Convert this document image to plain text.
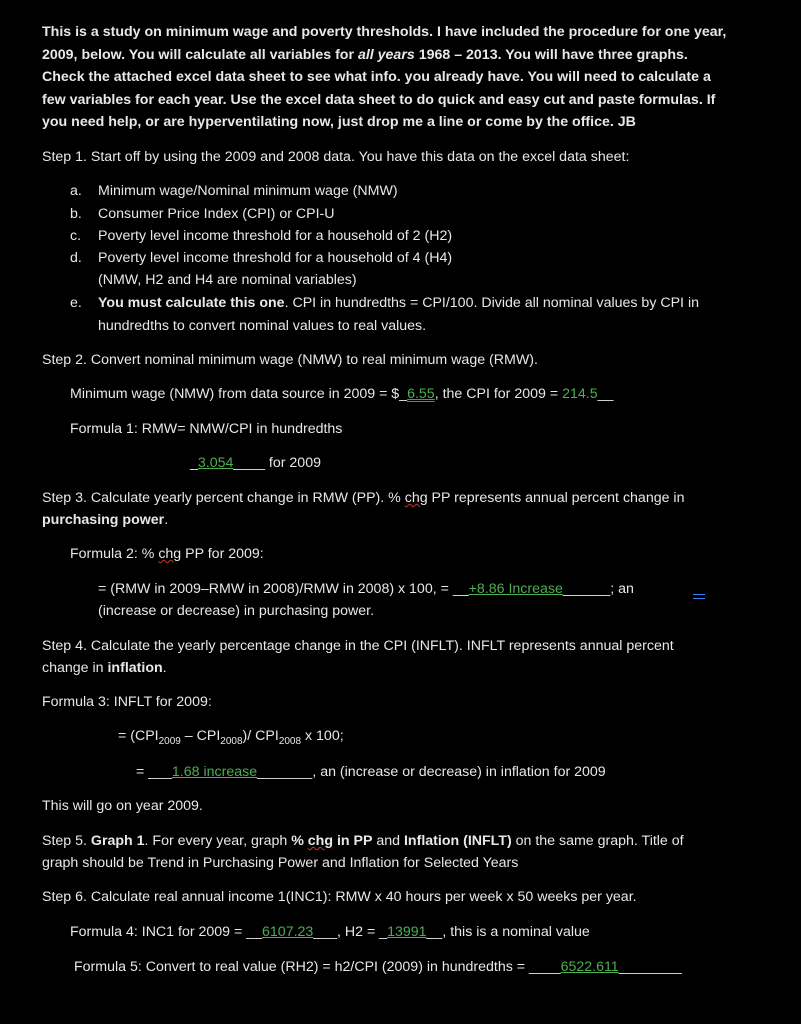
This is a study on minimum wage and poverty thresholds. I have included the procedure for one year,
2009, below. You will calculate all variables for all years 1968 – 2013. You will have three graphs.
Check the attached excel data sheet to see what info. you already have. You will need to calculate a
few variables for each year. Use the excel data sheet to do quick and easy cut and paste formulas. If
you need help, or are hyperventilating now, just drop me a line or come by the office. JB
Step 1. Start off by using the 2009 and 2008 data. You have this data on the excel data sheet:
a. Minimum wage/Nominal minimum wage (NMW)
b. Consumer Price Index (CPI) or CPI-U
c. Poverty level income threshold for a household of 2 (H2)
d. Poverty level income threshold for a household of 4 (H4)
(NMW, H2 and H4 are nominal variables)
e. You must calculate this one. CPI in hundredths = CPI/100. Divide all nominal values by CPI in
hundredths to convert nominal values to real values.
Step 2. Convert nominal minimum wage (NMW) to real minimum wage (RMW).
Minimum wage (NMW) from data source in 2009 = $_6.55, the CPI for 2009 = 214.5__
Formula 1: RMW= NMW/CPI in hundredths
_3.054____ for 2009
Step 3. Calculate yearly percent change in RMW (PP). % chg PP represents annual percent change in
purchasing power.
Formula 2: % chg PP for 2009:
= (RMW in 2009–RMW in 2008)/RMW in 2008) x 100, = __+8.86 Increase______; an
(increase or decrease) in purchasing power.
Step 4. Calculate the yearly percentage change in the CPI (INFLT). INFLT represents annual percent
change in inflation.
Formula 3: INFLT for 2009:
= $(CPI_{2009} - CPI_{2008})/$ $CPI_{2008}$ x 100;
= ___1.68 increase_______, an (increase or decrease) in inflation for 2009
This will go on year 2009.
Step 5. Graph 1. For every year, graph % chg in PP and Inflation (INFLT) on the same graph. Title of
graph should be Trend in Purchasing Power and Inflation for Selected Years
Step 6. Calculate real annual income 1(INC1): RMW x 40 hours per week x 50 weeks per year.
Formula 4: INC1 for 2009 = __6107.23___, H2 = _13991__, this is a nominal value
Formula 5: Convert to real value (RH2) = h2/CPI (2009) in hundredths = ____6522.611________
